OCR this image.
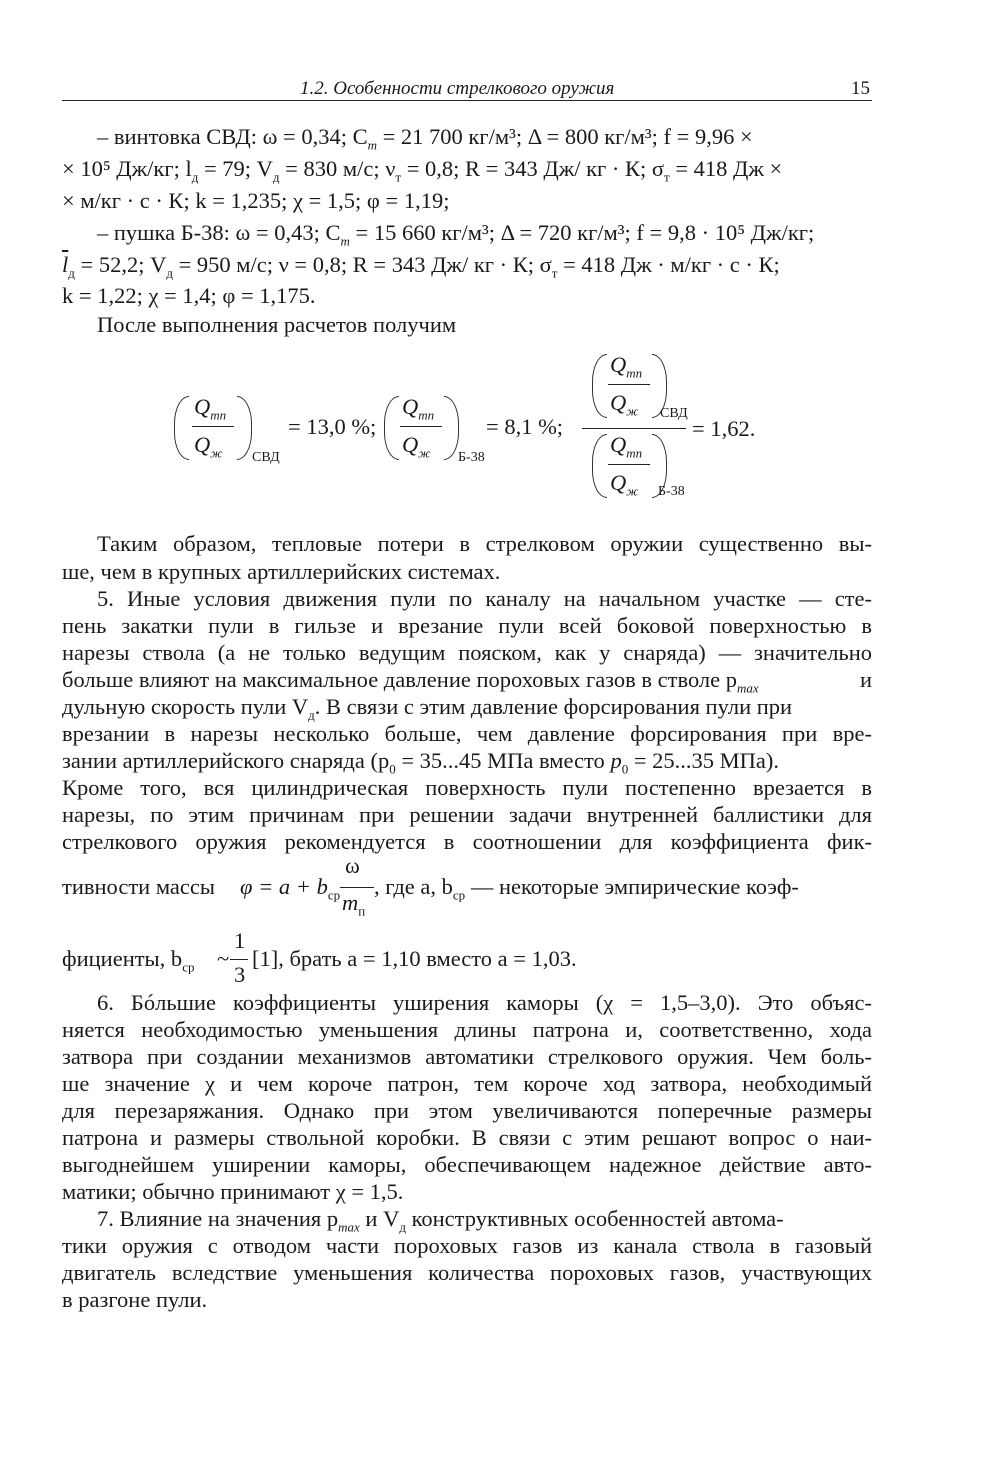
1.2. Особенности стрелкового оружия	15
– винтовка СВД: ω = 0,34; $C_m = 21$ 700 кг/м³; Δ = 800 кг/м³; f = 9,96 ×
× 10⁵ Дж/кг; $l_д = 79$; $V_д = 830$ м/с; $\nu_т = 0,8$; R = 343 Дж/ кг · К; $\sigma_т = 418$ Дж ×
× м/кг · с · К; k = 1,235; χ = 1,5; φ = 1,19;
– пушка Б-38: ω = 0,43; $C_m = 15$ 660 кг/м³; Δ = 720 кг/м³; f = 9,8 · 10⁵ Дж/кг;
$\overline{l}_д = 52,2$; $V_д = 950$ м/с; ν = 0,8; R = 343 Дж/ кг · К; $\sigma_т = 418$ Дж · м/кг · с · К;
k = 1,22; χ = 1,4; φ = 1,175.
После выполнения расчетов получим
$Q_{тп}$
$Q_ж$ СВД
= 13,0 %;
$Q_{тп}$
$Q_ж$ Б-38
= 8,1 %;
$Q_{тп}$
$Q_ж$ СВД
$Q_{тп}$
$Q_ж$ Б-38
= 1,62.
Таким образом, тепловые потери в стрелковом оружии существенно вы-
ше, чем в крупных артиллерийских системах.
5. Иные условия движения пули по каналу на начальном участке — сте-
пень закатки пули в гильзе и врезание пули всей боковой поверхностью в
нарезы ствола (а не только ведущим пояском, как у снаряда) — значительно
больше влияют на максимальное давление пороховых газов в стволе $p_{max}$	и
дульную скорость пули $V_д$. В связи с этим давление форсирования пули при
врезании в нарезы несколько больше, чем давление форсирования при вре-
зании артиллерийского снаряда ($p_0 = 35...45$ МПа вместо $p_0 = 25...35$ МПа).
Кроме того, вся цилиндрическая поверхность пули постепенно врезается в
нарезы, по этим причинам при решении задачи внутренней баллистики для
стрелкового оружия рекомендуется в соотношении для коэффициента фик-
тивности массы $\varphi = a + b_{ср}$
ω
$m_п$
, где a, $b_{ср}$ — некоторые эмпирические коэф-
фициенты, $b_{ср}$ ~
1
3
[1], брать a = 1,10 вместо a = 1,03.
6. Бóльшие коэффициенты уширения каморы (χ = 1,5–3,0). Это объяс-
няется необходимостью уменьшения длины патрона и, соответственно, хода
затвора при создании механизмов автоматики стрелкового оружия. Чем боль-
ше значение χ и чем короче патрон, тем короче ход затвора, необходимый
для перезаряжания. Однако при этом увеличиваются поперечные размеры
патрона и размеры ствольной коробки. В связи с этим решают вопрос о наи-
выгоднейшем уширении каморы, обеспечивающем надежное действие авто-
матики; обычно принимают χ = 1,5.
7. Влияние на значения $p_{max}$ и $V_д$ конструктивных особенностей автома-
тики оружия с отводом части пороховых газов из канала ствола в газовый
двигатель вследствие уменьшения количества пороховых газов, участвующих
в разгоне пули.
